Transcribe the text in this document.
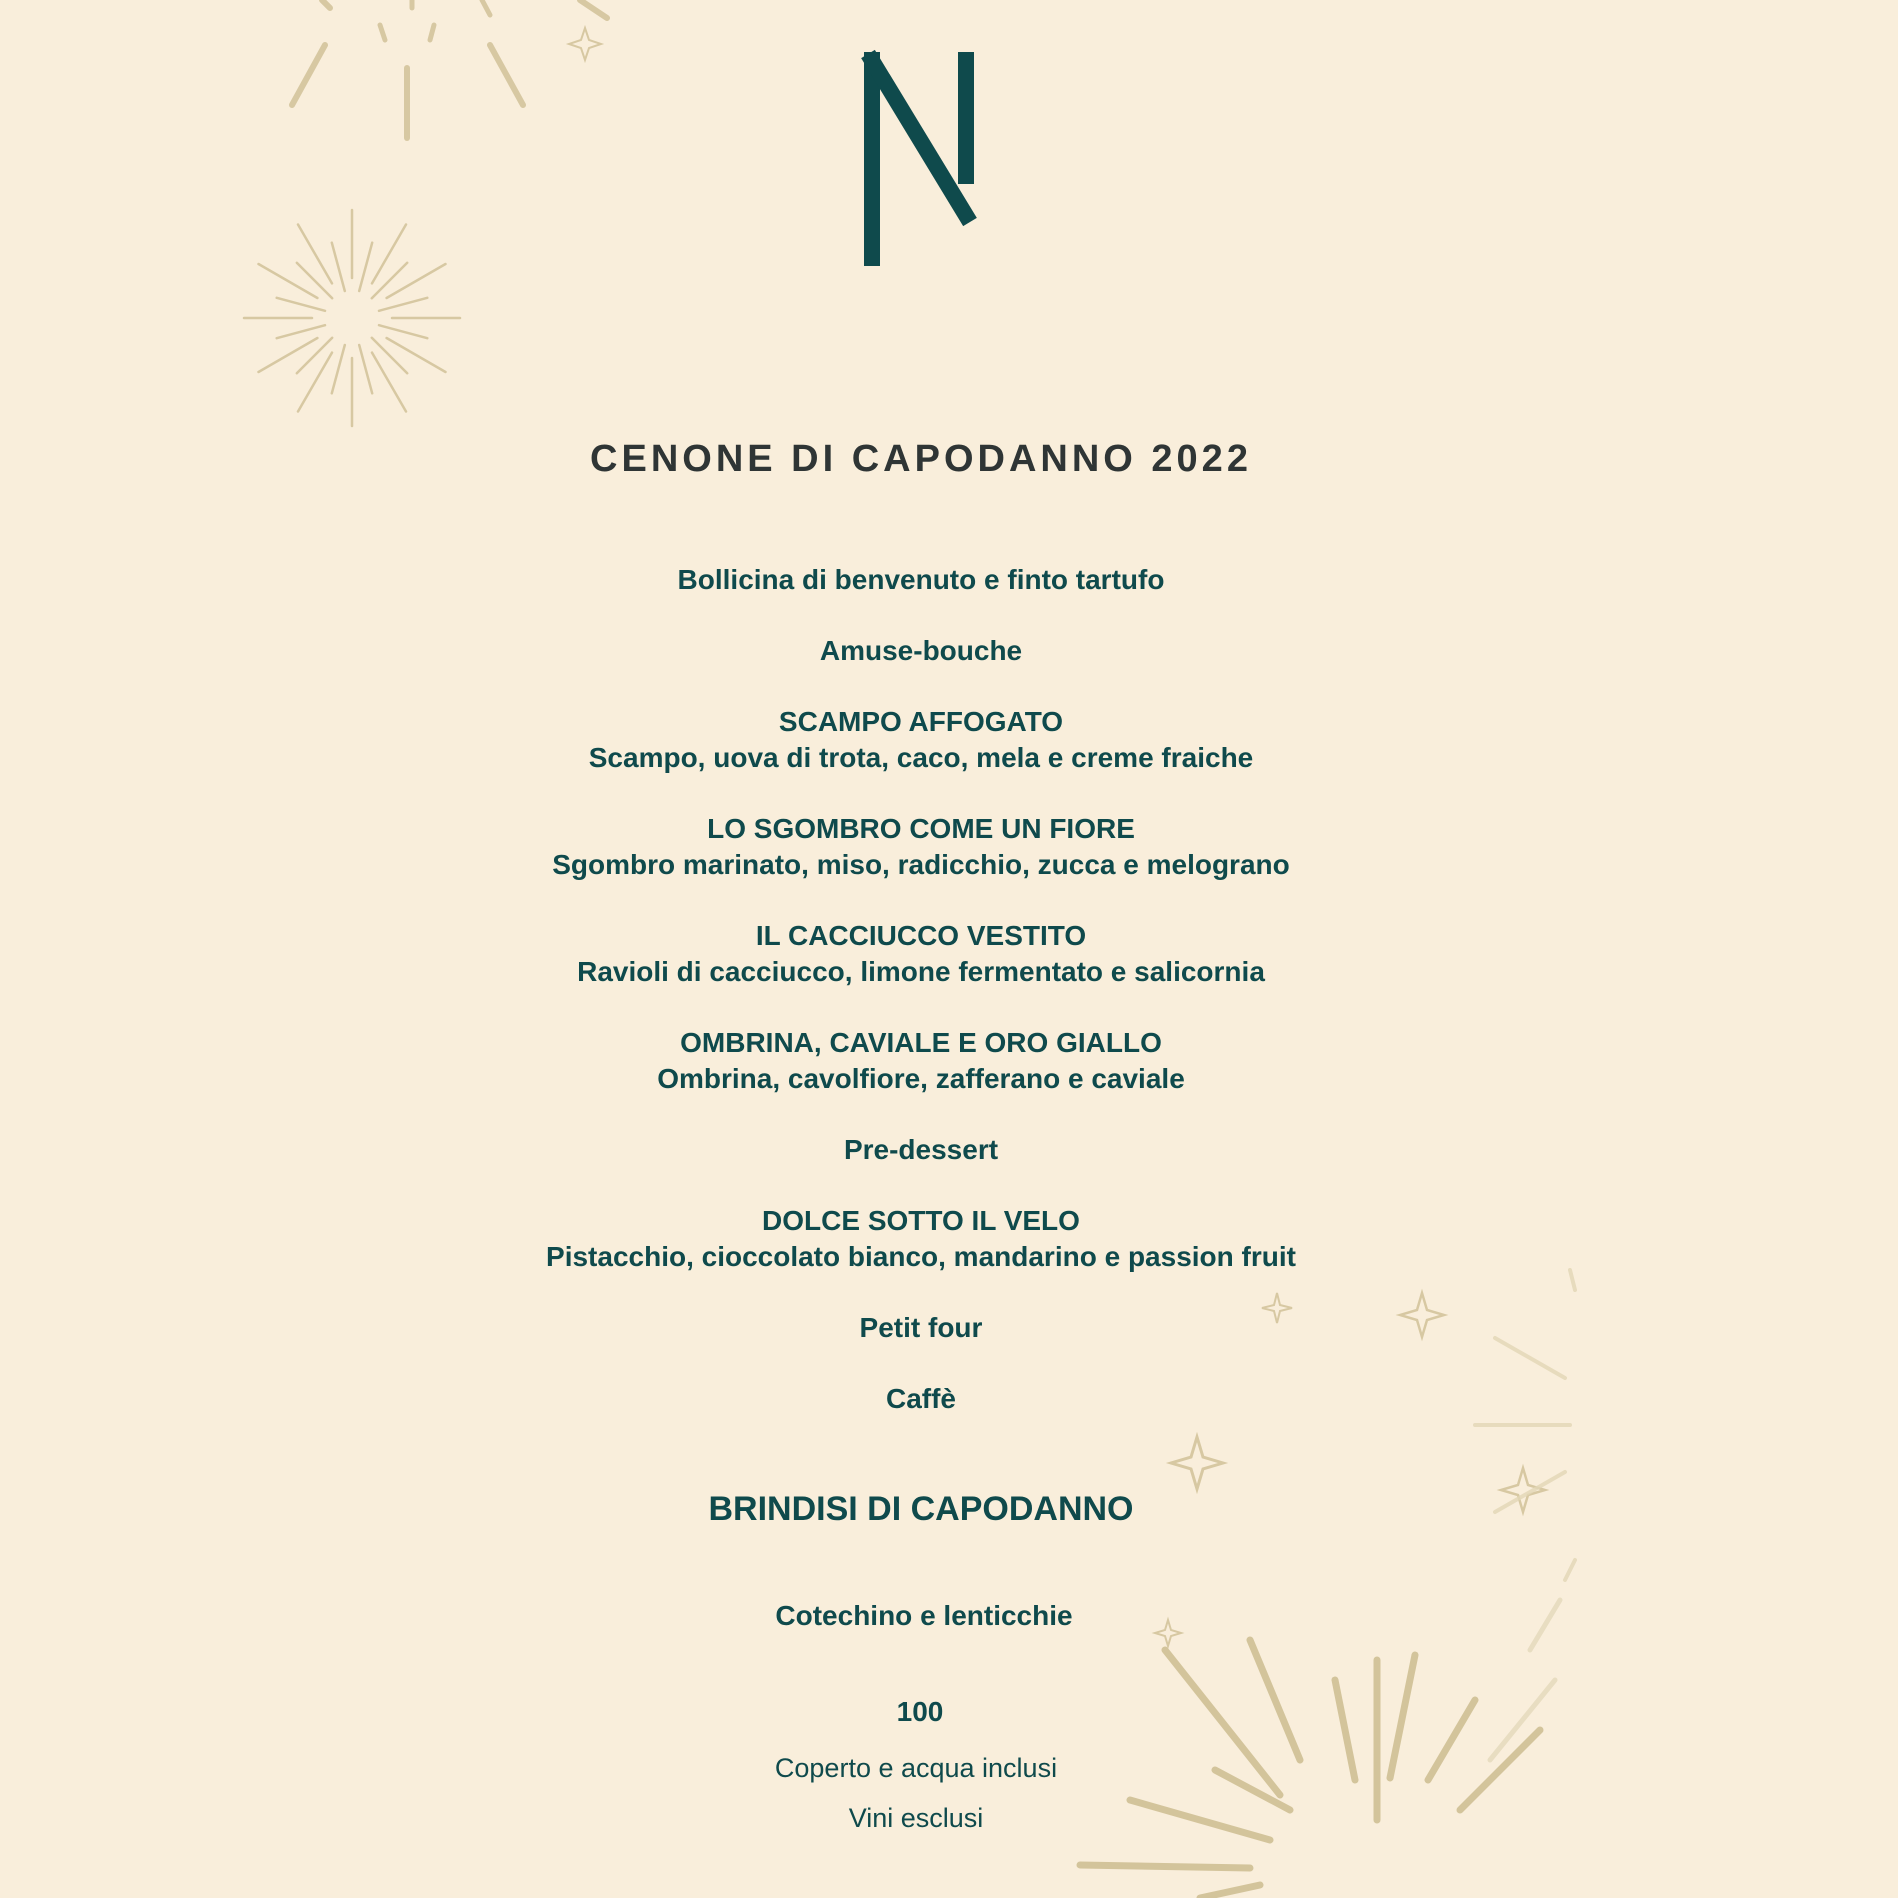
CENONE DI CAPODANNO 2022
Bollicina di benvenuto e finto tartufo
Amuse-bouche
SCAMPO AFFOGATO
Scampo, uova di trota, caco, mela e creme fraiche
LO SGOMBRO COME UN FIORE
Sgombro marinato, miso, radicchio, zucca e melograno
IL CACCIUCCO VESTITO
Ravioli di cacciucco, limone fermentato e salicornia
OMBRINA, CAVIALE E ORO GIALLO
Ombrina, cavolfiore, zafferano e caviale
Pre-dessert
DOLCE SOTTO IL VELO
Pistacchio, cioccolato bianco, mandarino e passion fruit
Petit four
Caffè
BRINDISI DI CAPODANNO
Cotechino e lenticchie
100
Coperto e acqua inclusi
Vini esclusi
